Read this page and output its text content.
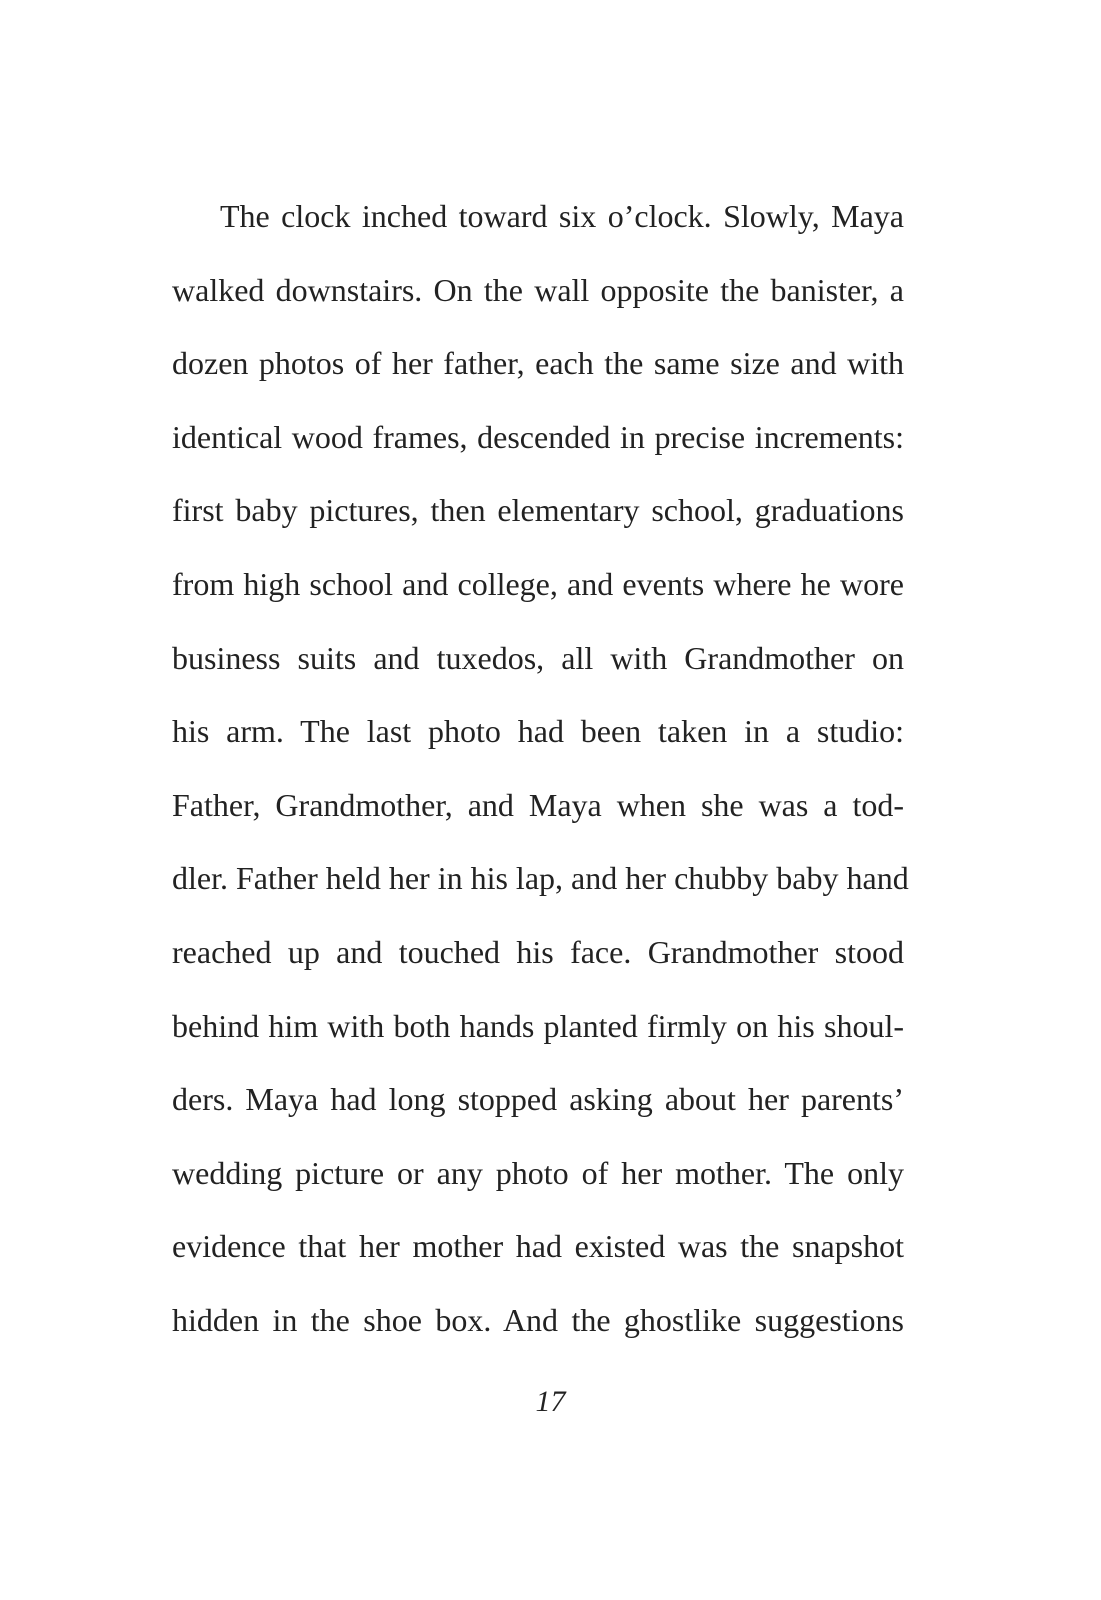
The clock inched toward six o’clock. Slowly, Maya
walked downstairs. On the wall opposite the banister, a
dozen photos of her father, each the same size and with
identical wood frames, descended in precise increments:
first baby pictures, then elementary school, graduations
from high school and college, and events where he wore
business suits and tuxedos, all with Grandmother on
his arm. The last photo had been taken in a studio:
Father, Grandmother, and Maya when she was a tod-
dler. Father held her in his lap, and her chubby baby hand
reached up and touched his face. Grandmother stood
behind him with both hands planted firmly on his shoul-
ders. Maya had long stopped asking about her parents’
wedding picture or any photo of her mother. The only
evidence that her mother had existed was the snapshot
hidden in the shoe box. And the ghostlike suggestions
17
